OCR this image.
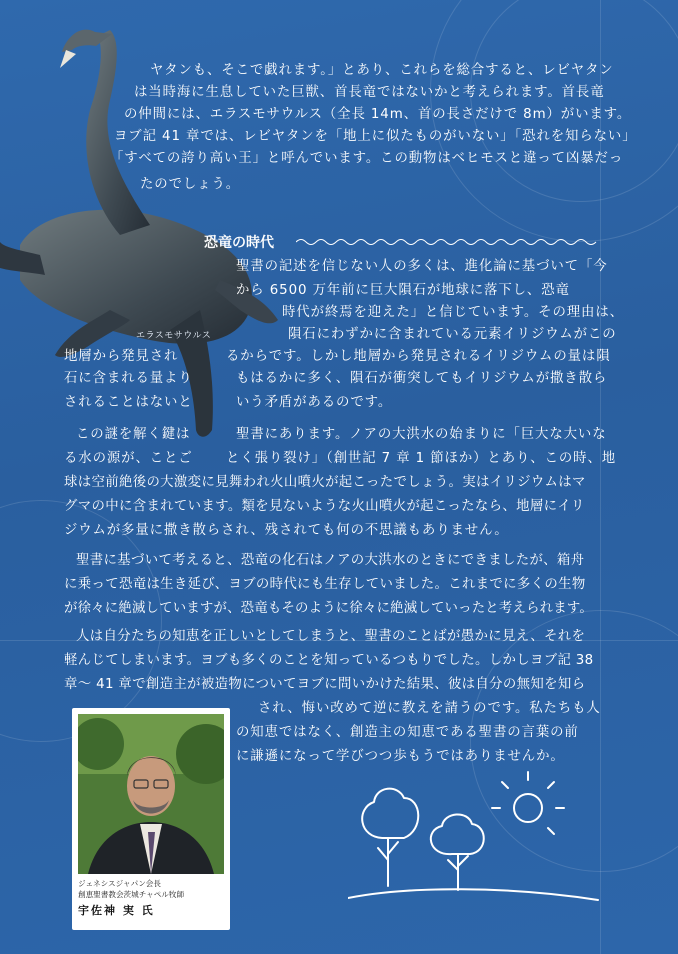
エラスモサウルス
ヤタンも、そこで戯れます。」とあり、これらを総合すると、レビヤタン
は当時海に生息していた巨獣、首長竜ではないかと考えられます。首長竜
の仲間には、エラスモサウルス（全長 14m、首の長さだけで 8m）がいます。
ヨブ記 41 章では、レビヤタンを「地上に似たものがいない」「恐れを知らない」
「すべての誇り高い王」と呼んでいます。この動物はベヒモスと違って凶暴だっ
たのでしょう。
恐竜の時代
聖書の記述を信じない人の多くは、進化論に基づいて「今
から 6500 万年前に巨大隕石が地球に落下し、恐竜
時代が終焉を迎えた」と信じています。その理由は、
隕石にわずかに含まれている元素イリジウムがこの
地層から発見され	るからです。しかし地層から発見されるイリジウムの量は隕
石に含まれる量より	もはるかに多く、隕石が衝突してもイリジウムが撒き散ら
されることはないと	いう矛盾があるのです。
この謎を解く鍵は	聖書にあります。ノアの大洪水の始まりに「巨大な大いな
る水の源が、ことご とく張り裂け」（創世記 7 章 1 節ほか）とあり、この時、地
球は空前絶後の大激変に見舞われ火山噴火が起こったでしょう。実はイリジウムはマ
グマの中に含まれています。類を見ないような火山噴火が起こったなら、地層にイリ
ジウムが多量に撒き散らされ、残されても何の不思議もありません。
聖書に基づいて考えると、恐竜の化石はノアの大洪水のときにできましたが、箱舟
に乗って恐竜は生き延び、ヨブの時代にも生存していました。これまでに多くの生物
が徐々に絶滅していますが、恐竜もそのように徐々に絶滅していったと考えられます。
人は自分たちの知恵を正しいとしてしまうと、聖書のことばが愚かに見え、それを
軽んじてしまいます。ヨブも多くのことを知っているつもりでした。しかしヨブ記 38
章～ 41 章で創造主が被造物についてヨブに問いかけた結果、彼は自分の無知を知ら
され、悔い改めて逆に教えを請うのです。私たちも人
の知恵ではなく、創造主の知恵である聖書の言葉の前
に謙遜になって学びつつ歩もうではありませんか。
ジェネシスジャパン会長
創恵聖書教会茨城チャペル牧師
宇佐神 実 氏
